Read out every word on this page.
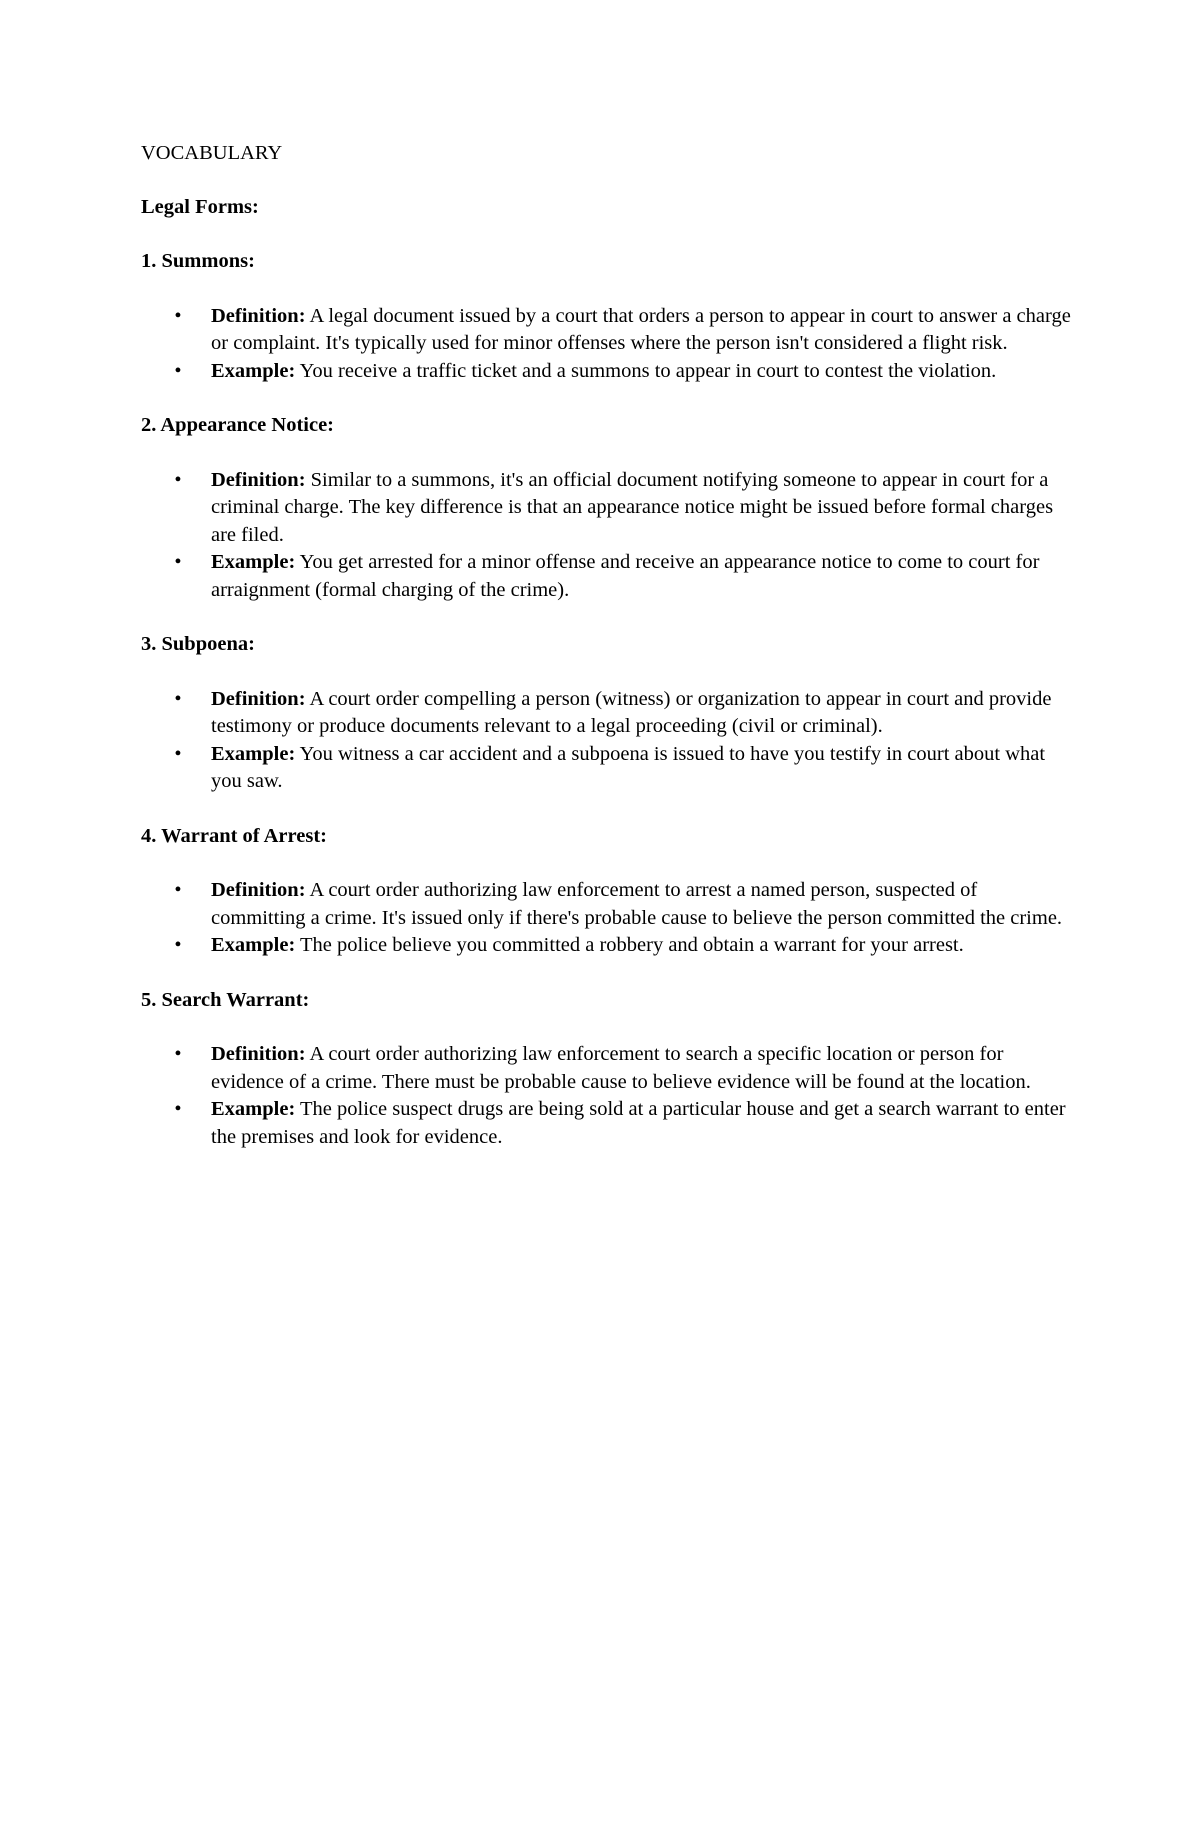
VOCABULARY

Legal Forms:

1. Summons:

• Definition: A legal document issued by a court that orders a person to appear in court to answer a charge or complaint. It's typically used for minor offenses where the person isn't considered a flight risk.
• Example: You receive a traffic ticket and a summons to appear in court to contest the violation.

2. Appearance Notice:

• Definition: Similar to a summons, it's an official document notifying someone to appear in court for a criminal charge. The key difference is that an appearance notice might be issued before formal charges are filed.
• Example: You get arrested for a minor offense and receive an appearance notice to come to court for arraignment (formal charging of the crime).

3. Subpoena:

• Definition: A court order compelling a person (witness) or organization to appear in court and provide testimony or produce documents relevant to a legal proceeding (civil or criminal).
• Example: You witness a car accident and a subpoena is issued to have you testify in court about what you saw.

4. Warrant of Arrest:

• Definition: A court order authorizing law enforcement to arrest a named person, suspected of committing a crime. It's issued only if there's probable cause to believe the person committed the crime.
• Example: The police believe you committed a robbery and obtain a warrant for your arrest.

5. Search Warrant:

• Definition: A court order authorizing law enforcement to search a specific location or person for evidence of a crime. There must be probable cause to believe evidence will be found at the location.
• Example: The police suspect drugs are being sold at a particular house and get a search warrant to enter the premises and look for evidence.
